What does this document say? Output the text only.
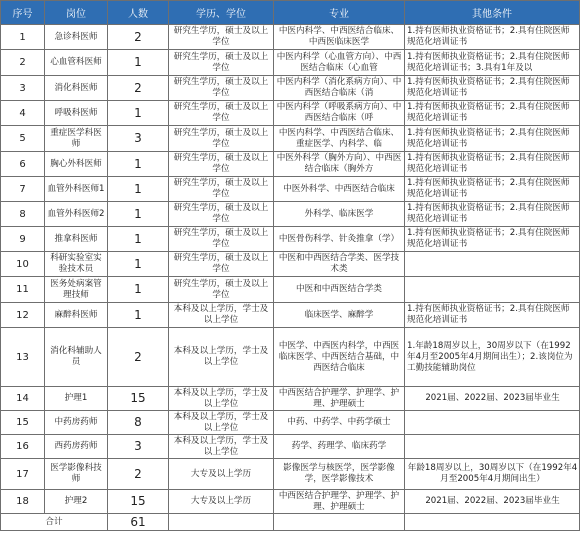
序号	岗位	人数	学历、学位	专业	其他条件
1	急诊科医师	2	研究生学历，硕士及以上学位	中医内科学、中西医结合临床、中西医临床医学	1.持有医师执业资格证书；2.具有住院医师规范化培训证书
2	心血管科医师	1	研究生学历，硕士及以上学位	中医内科学（心血管方向）、中西医结合临床（心血管	1.持有医师执业资格证书；2.具有住院医师规范化培训证书；3.具有1年及以
3	消化科医师	2	研究生学历，硕士及以上学位	中医内科学（消化系病方向）、中西医结合临床（消	1.持有医师执业资格证书；2.具有住院医师规范化培训证书
4	呼吸科医师	1	研究生学历，硕士及以上学位	中医内科学（呼吸系病方向）、中西医结合临床（呼	1.持有医师执业资格证书；2.具有住院医师规范化培训证书
5	重症医学科医师	3	研究生学历，硕士及以上学位	中医内科学、中西医结合临床、重症医学、内科学、临	1.持有医师执业资格证书；2.具有住院医师规范化培训证书
6	胸心外科医师	1	研究生学历，硕士及以上学位	中医外科学（胸外方向）、中西医结合临床（胸外方	1.持有医师执业资格证书；2.具有住院医师规范化培训证书
7	血管外科医师1	1	研究生学历，硕士及以上学位	中医外科学、中西医结合临床	1.持有医师执业资格证书；2.具有住院医师规范化培训证书
8	血管外科医师2	1	研究生学历，硕士及以上学位	外科学、临床医学	1.持有医师执业资格证书；2.具有住院医师规范化培训证书
9	推拿科医师	1	研究生学历，硕士及以上学位	中医骨伤科学、针灸推拿（学）	1.持有医师执业资格证书；2.具有住院医师规范化培训证书
10	科研实验室实验技术员	1	研究生学历，硕士及以上学位	中医和中西医结合学类、医学技术类	
11	医务处病案管理技师	1	研究生学历，硕士及以上学位	中医和中西医结合学类	
12	麻醉科医师	1	本科及以上学历，学士及以上学位	临床医学、麻醉学	1.持有医师执业资格证书；2.具有住院医师规范化培训证书
13	消化科辅助人员	2	本科及以上学历，学士及以上学位	中医学、中西医内科学，中西医临床医学、中西医结合基础，中西医结合临床	1.年龄18周岁以上，30周岁以下（在1992年4月至2005年4月期间出生）；2.该岗位为工勤技能辅助岗位
14	护理1	15	本科及以上学历，学士及以上学位	中西医结合护理学、护理学、护理、护理硕士	2021届、2022届、2023届毕业生
15	中药房药师	8	本科及以上学历，学士及以上学位	中药、中药学、中药学硕士	
16	西药房药师	3	本科及以上学历，学士及以上学位	药学、药理学、临床药学	
17	医学影像科技师	2	大专及以上学历	影像医学与核医学，医学影像学，医学影像技术	年龄18周岁以上，30周岁以下（在1992年4月至2005年4月期间出生）
18	护理2	15	大专及以上学历	中西医结合护理学、护理学、护理、护理硕士	2021届、2022届、2023届毕业生
合计		61			
